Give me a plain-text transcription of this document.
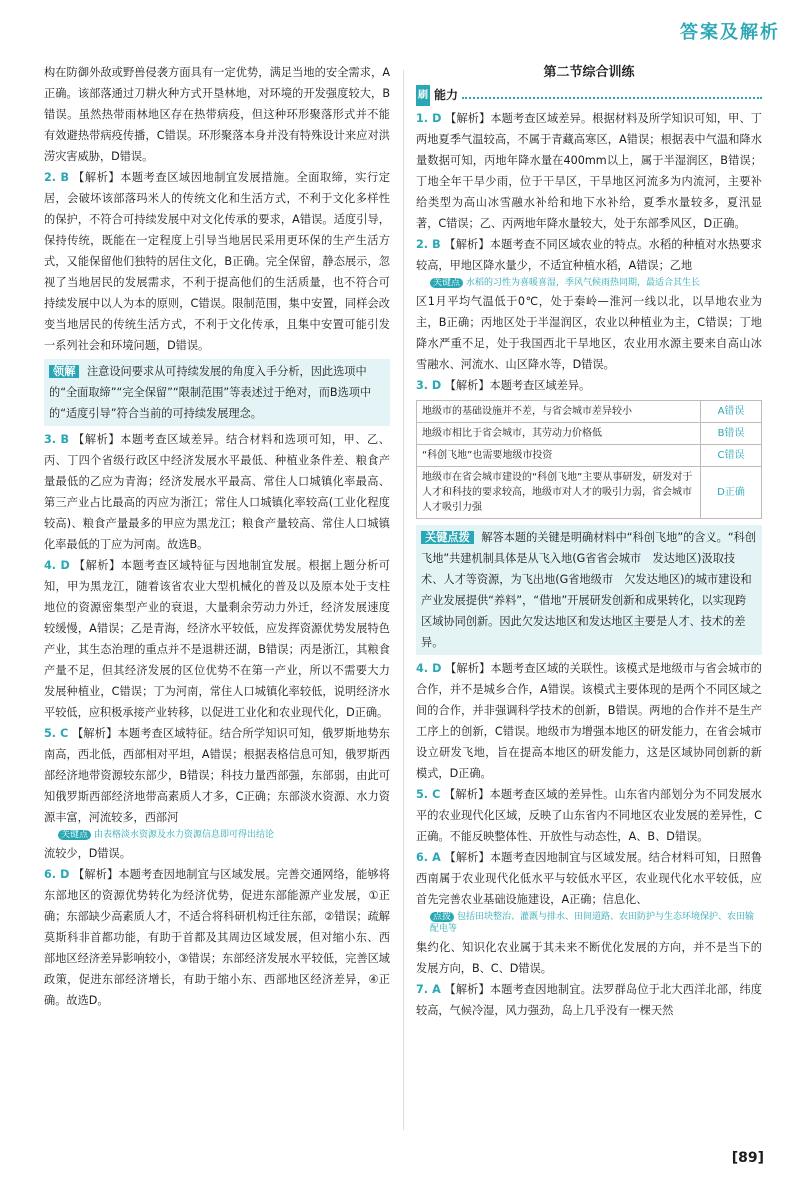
答案及解析

构在防御外敌或野兽侵袭方面具有一定优势，满足当地的安全需求，A正确。该部落通过刀耕火种方式开垦林地，对环境的开发强度较大，B错误。虽然热带雨林地区存在热带病疫，但这种环形聚落形式并不能有效避热带病疫传播，C错误。环形聚落本身并没有特殊设计来应对洪涝灾害威胁，D错误。

2. B 【解析】本题考查区域因地制宜发展措施。全面取缔，实行定居，会破坏该部落玛米人的传统文化和生活方式，不利于文化多样性的保护，不符合可持续发展中对文化传承的要求，A错误。适度引导，保持传统，既能在一定程度上引导当地居民采用更环保的生产生活方式，又能保留他们独特的居住文化，B正确。完全保留，静态展示，忽视了当地居民的发展需求，不利于提高他们的生活质量，也不符合可持续发展中以人为本的原则，C错误。限制范围，集中安置，同样会改变当地居民的传统生活方式，不利于文化传承，且集中安置可能引发一系列社会和环境问题，D错误。

领解 注意设问要求从可持续发展的角度入手分析，因此选项中的“全面取缔”“完全保留”“限制范围”等表述过于绝对，而B选项中的“适度引导”符合当前的可持续发展理念。

3. B 【解析】本题考查区域差异。结合材料和选项可知，甲、乙、丙、丁四个省级行政区中经济发展水平最低、种植业条件差、粮食产量最低的乙应为青海；经济发展水平最高、常住人口城镇化率最高、第三产业占比最高的丙应为浙江；常住人口城镇化率较高(工业化程度较高)、粮食产量最多的甲应为黑龙江；粮食产量较高、常住人口城镇化率最低的丁应为河南。故选B。

4. D 【解析】本题考查区域特征与因地制宜发展。根据上题分析可知，甲为黑龙江，随着该省农业大型机械化的普及以及原本处于支柱地位的资源密集型产业的衰退，大量剩余劳动力外迁，经济发展速度较缓慢，A错误；乙是青海，经济水平较低，应发挥资源优势发展特色产业，其生态治理的重点并不是退耕还湖，B错误；丙是浙江，其粮食产量不足，但其经济发展的区位优势不在第一产业，所以不需要大力发展种植业，C错误；丁为河南，常住人口城镇化率较低，说明经济水平较低，应积极承接产业转移，以促进工业化和农业现代化，D正确。

5. C 【解析】本题考查区域特征。结合所学知识可知，俄罗斯地势东南高，西北低，西部相对平坦，A错误；根据表格信息可知，俄罗斯西部经济地带资源较东部少，B错误；科技力量西部强，东部弱，由此可知俄罗斯西部经济地带高素质人才多，C正确；东部淡水资源、水力资源丰富，河流较多，西部河

关键点 由表格淡水资源及水力资源信息即可得出结论

流较少，D错误。

6. D 【解析】本题考查因地制宜与区域发展。完善交通网络，能够将东部地区的资源优势转化为经济优势，促进东部能源产业发展，①正确；东部缺少高素质人才，不适合将科研机构迁往东部，②错误；疏解莫斯科非首都功能，有助于首都及其周边区域发展，但对缩小东、西部地区经济差异影响较小，③错误；东部经济发展水平较低，完善区域政策，促进东部经济增长，有助于缩小东、西部地区经济差异，④正确。故选D。

第二节综合训练
刷 能力

1. D 【解析】本题考查区域差异。根据材料及所学知识可知，甲、丁两地夏季气温较高，不属于青藏高寒区，A错误；根据表中气温和降水量数据可知，丙地年降水量在400mm以上，属于半湿润区，B错误；丁地全年干旱少雨，位于干旱区，干旱地区河流多为内流河，主要补给类型为高山冰雪融水补给和地下水补给，夏季水量较多，夏汛显著，C错误；乙、丙两地年降水量较大，处于东部季风区，D正确。

2. B 【解析】本题考查不同区域农业的特点。水稻的种植对水热要求较高，甲地区降水量少，不适宜种植水稻，A错误；乙地

关键点 水稻的习性为喜暖喜湿，季风气候雨热同期，最适合其生长

区1月平均气温低于0℃，处于秦岭—淮河一线以北，以旱地农业为主，B正确；丙地区处于半湿润区，农业以种植业为主，C错误；丁地降水严重不足，处于我国西北干旱地区，农业用水源主要来自高山冰雪融水、河流水、山区降水等，D错误。

3. D 【解析】本题考查区域差异。

地级市的基础设施并不差，与省会城市差异较小	A错误
地级市相比于省会城市，其劳动力价格低	B错误
“科创飞地”也需要地级市投资	C错误
地级市在省会城市建设的“科创飞地”主要从事研发，研发对于人才和科技的要求较高，地级市对人才的吸引力弱，省会城市人才吸引力强	D正确
关键点拨 解答本题的关键是明确材料中“科创飞地”的含义。“科创飞地”共建机制具体是从飞入地(G省省会城市　发达地区)汲取技术、人才等资源，为飞出地(G省地级市　欠发达地区)的城市建设和产业发展提供“养料”，“借地”开展研发创新和成果转化，以实现跨区域协同创新。因此欠发达地区和发达地区主要是人才、技术的差异。

4. D 【解析】本题考查区域的关联性。该模式是地级市与省会城市的合作，并不是城乡合作，A错误。该模式主要体现的是两个不同区域之间的合作，并非强调科学技术的创新，B错误。两地的合作并不是生产工序上的创新，C错误。地级市为增强本地区的研发能力，在省会城市设立研发飞地，旨在提高本地区的研发能力，这是区域协同创新的新模式，D正确。

5. C 【解析】本题考查区域的差异性。山东省内部划分为不同发展水平的农业现代化区域，反映了山东省内不同地区农业发展的差异性，C正确。不能反映整体性、开放性与动态性，A、B、D错误。

6. A 【解析】本题考查因地制宜与区域发展。结合材料可知，日照鲁西南属于农业现代化低水平与较低水平区，农业现代化水平较低，应首先完善农业基础设施建设，A正确；信息化、

点拨 包括田块整治、灌溉与排水、田间道路、农田防护与生态环境保护、农田输配电等

集约化、知识化农业属于其未来不断优化发展的方向，并不是当下的发展方向，B、C、D错误。

7. A 【解析】本题考查因地制宜。法罗群岛位于北大西洋北部，纬度较高，气候冷湿，风力强劲，岛上几乎没有一棵天然

[89]
